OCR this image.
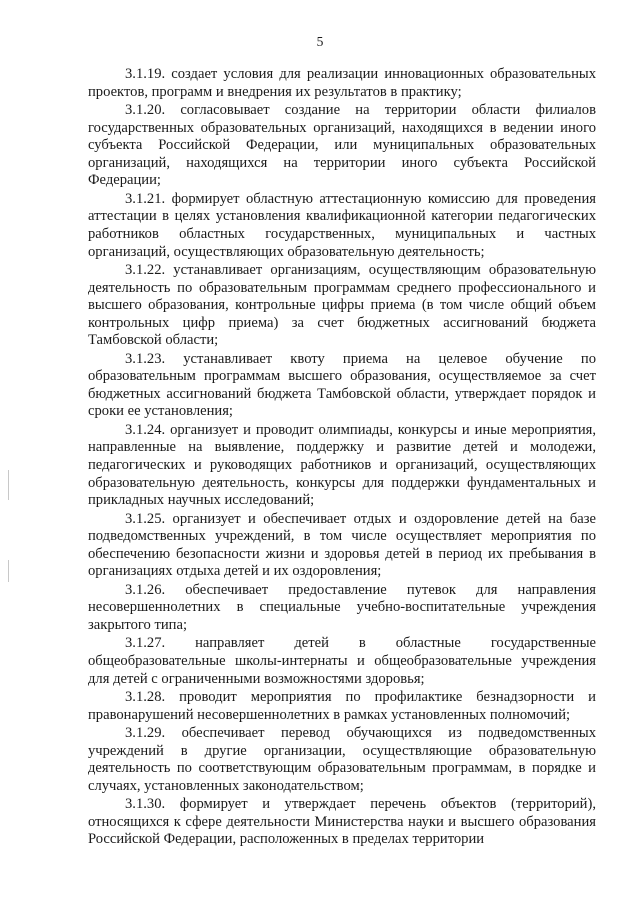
5

3.1.19. создает условия для реализации инновационных образовательных проектов, программ и внедрения их результатов в практику;

3.1.20. согласовывает создание на территории области филиалов государственных образовательных организаций, находящихся в ведении иного субъекта Российской Федерации, или муниципальных образовательных организаций, находящихся на территории иного субъекта Российской Федерации;

3.1.21. формирует областную аттестационную комиссию для проведения аттестации в целях установления квалификационной категории педагогических работников областных государственных, муниципальных и частных организаций, осуществляющих образовательную деятельность;

3.1.22. устанавливает организациям, осуществляющим образовательную деятельность по образовательным программам среднего профессионального и высшего образования, контрольные цифры приема (в том числе общий объем контрольных цифр приема) за счет бюджетных ассигнований бюджета Тамбовской области;

3.1.23. устанавливает квоту приема на целевое обучение по образовательным программам высшего образования, осуществляемое за счет бюджетных ассигнований бюджета Тамбовской области, утверждает порядок и сроки ее установления;

3.1.24. организует и проводит олимпиады, конкурсы и иные мероприятия, направленные на выявление, поддержку и развитие детей и молодежи, педагогических и руководящих работников и организаций, осуществляющих образовательную деятельность, конкурсы для поддержки фундаментальных и прикладных научных исследований;

3.1.25. организует и обеспечивает отдых и оздоровление детей на базе подведомственных учреждений, в том числе осуществляет мероприятия по обеспечению безопасности жизни и здоровья детей в период их пребывания в организациях отдыха детей и их оздоровления;

3.1.26. обеспечивает предоставление путевок для направления несовершеннолетних в специальные учебно-воспитательные учреждения закрытого типа;

3.1.27. направляет детей в областные государственные общеобразовательные школы-интернаты и общеобразовательные учреждения для детей с ограниченными возможностями здоровья;

3.1.28. проводит мероприятия по профилактике безнадзорности и правонарушений несовершеннолетних в рамках установленных полномочий;

3.1.29. обеспечивает перевод обучающихся из подведомственных учреждений в другие организации, осуществляющие образовательную деятельность по соответствующим образовательным программам, в порядке и случаях, установленных законодательством;

3.1.30. формирует и утверждает перечень объектов (территорий), относящихся к сфере деятельности Министерства науки и высшего образования Российской Федерации, расположенных в пределах территории
